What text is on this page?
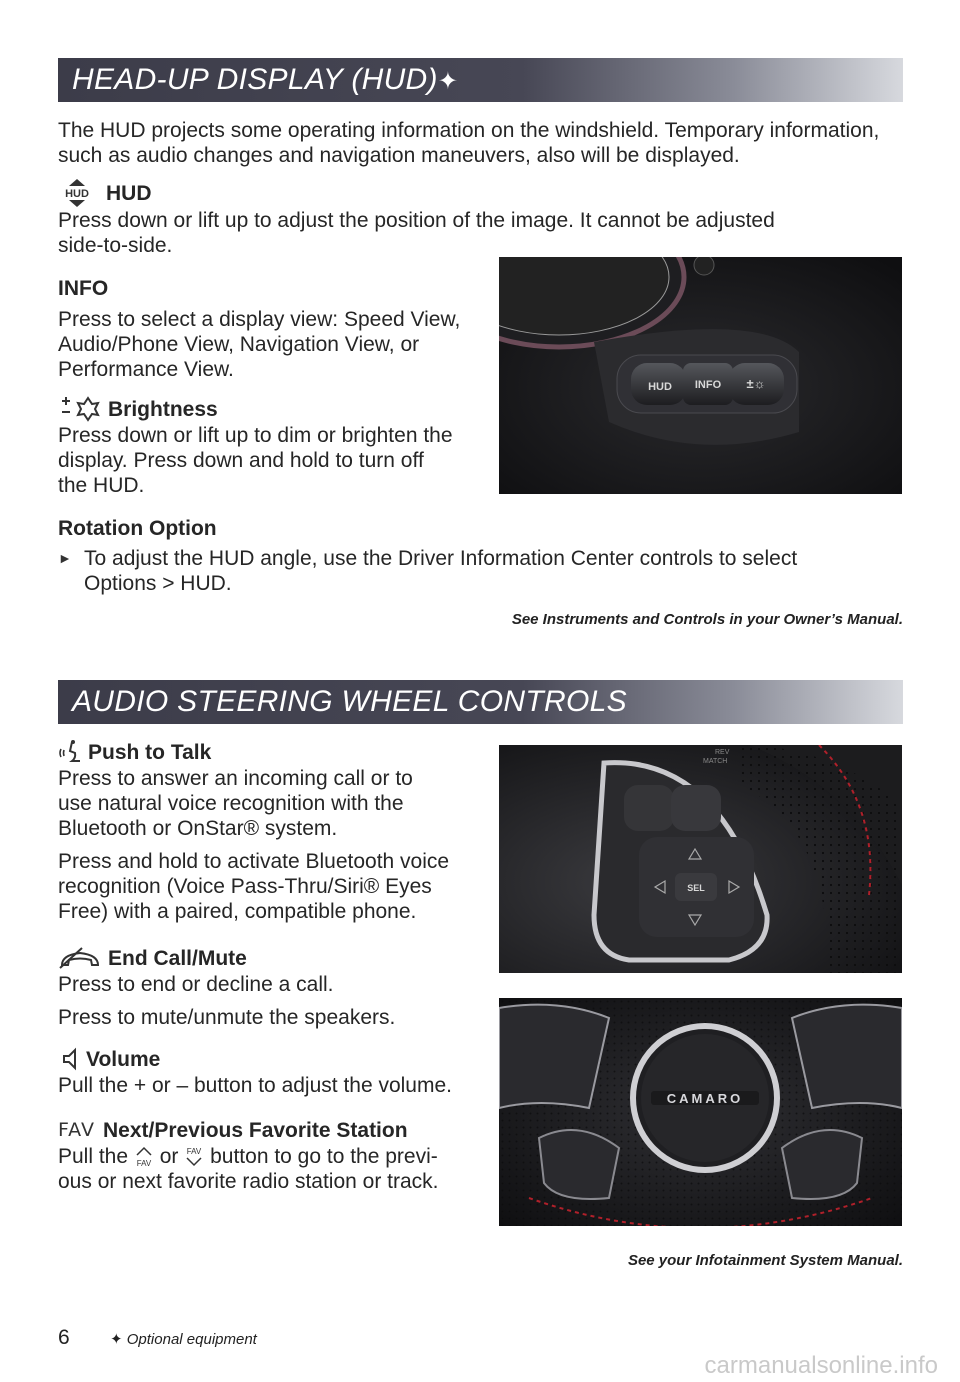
HEAD-UP DISPLAY (HUD)✦
The HUD projects some operating information on the windshield. Temporary information,
such as audio changes and navigation maneuvers, also will be displayed.
HUD HUD
Press down or lift up to adjust the position of the image. It cannot be adjusted
side-to-side.
INFO
Press to select a display view: Speed View,
Audio/Phone View, Navigation View, or
Performance View.
Brightness
Press down or lift up to dim or brighten the
display. Press down and hold to turn off
the HUD.
HUD INFO ±☼
Rotation Option
► To adjust the HUD angle, use the Driver Information Center controls to select
Options > HUD.
See Instruments and Controls in your Owner’s Manual.
AUDIO STEERING WHEEL CONTROLS
Push to Talk
Press to answer an incoming call or to
use natural voice recognition with the
Bluetooth or OnStar® system.
Press and hold to activate Bluetooth voice
recognition (Voice Pass-Thru/Siri® Eyes
Free) with a paired, compatible phone.
End Call/Mute
Press to end or decline a call.
Press to mute/unmute the speakers.
Volume
Pull the + or – button to adjust the volume.
FAV Next/Previous Favorite Station
Pull the FAV or FAV button to go to the previ-
ous or next favorite radio station or track.
SEL
REV
MATCH
CAMARO
See your Infotainment System Manual.
6	✦ Optional equipment
carmanualsonline.info
